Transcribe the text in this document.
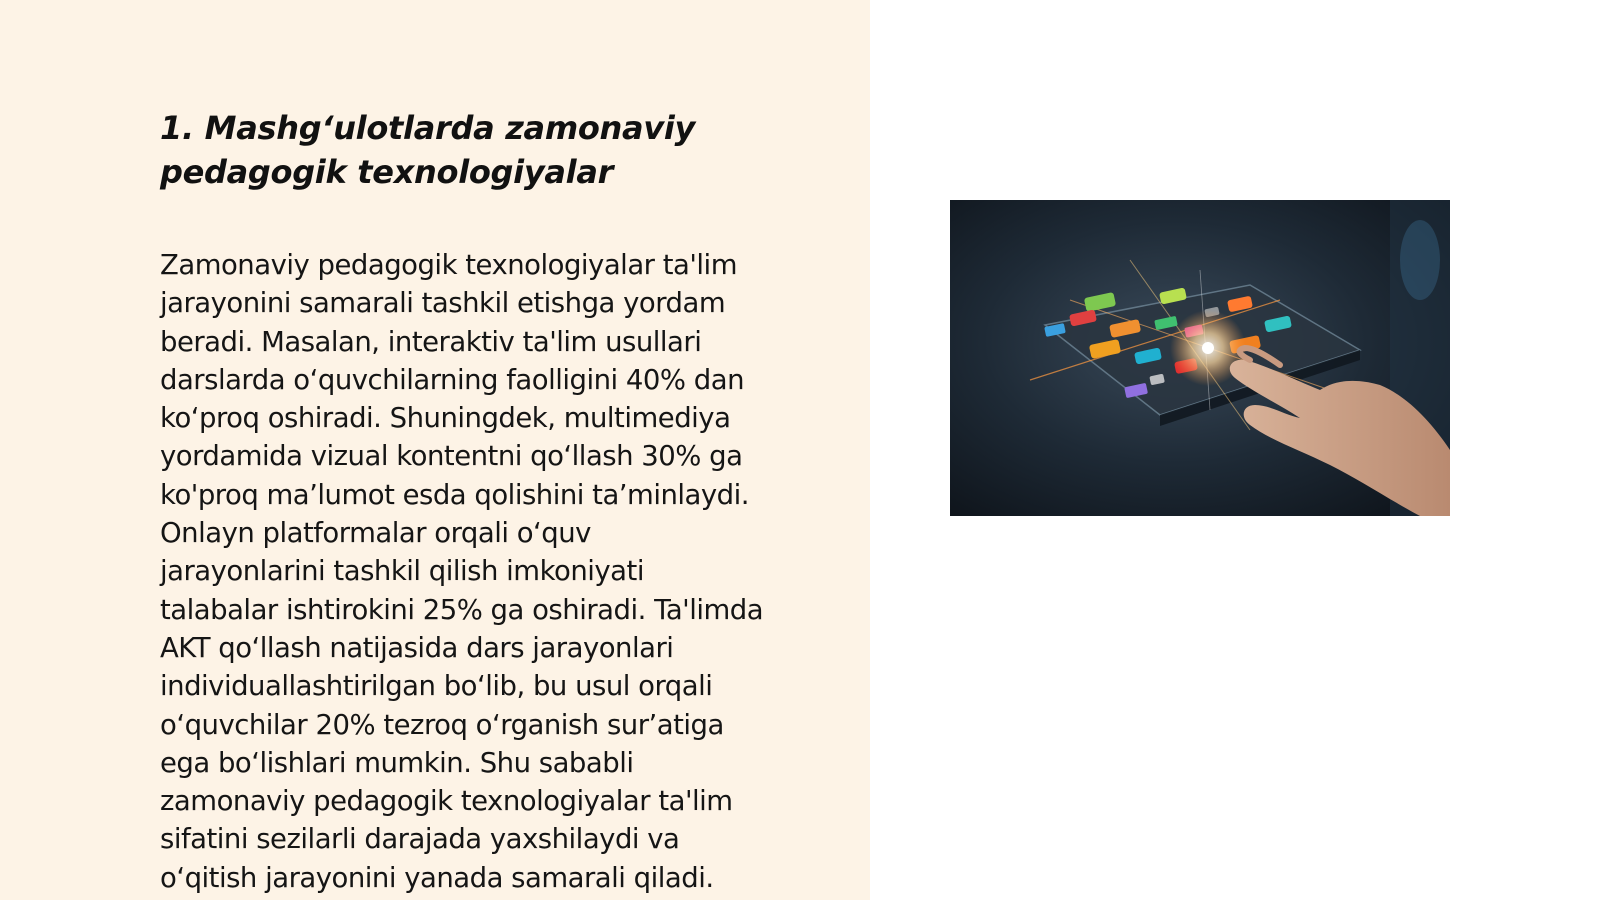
1. Mashg‘ulotlarda zamonaviy
pedagogik texnologiyalar

Zamonaviy pedagogik texnologiyalar ta'lim
jarayonini samarali tashkil etishga yordam
beradi. Masalan, interaktiv ta'lim usullari
darslarda o‘quvchilarning faolligini 40% dan
ko‘proq oshiradi. Shuningdek, multimediya
yordamida vizual kontentni qo‘llash 30% ga
ko'proq ma’lumot esda qolishini ta’minlaydi.
Onlayn platformalar orqali o‘quv
jarayonlarini tashkil qilish imkoniyati
talabalar ishtirokini 25% ga oshiradi. Ta'limda
AKT qo‘llash natijasida dars jarayonlari
individuallashtirilgan bo‘lib, bu usul orqali
o‘quvchilar 20% tezroq o‘rganish sur’atiga
ega bo‘lishlari mumkin. Shu sababli
zamonaviy pedagogik texnologiyalar ta'lim
sifatini sezilarli darajada yaxshilaydi va
o‘qitish jarayonini yanada samarali qiladi.
